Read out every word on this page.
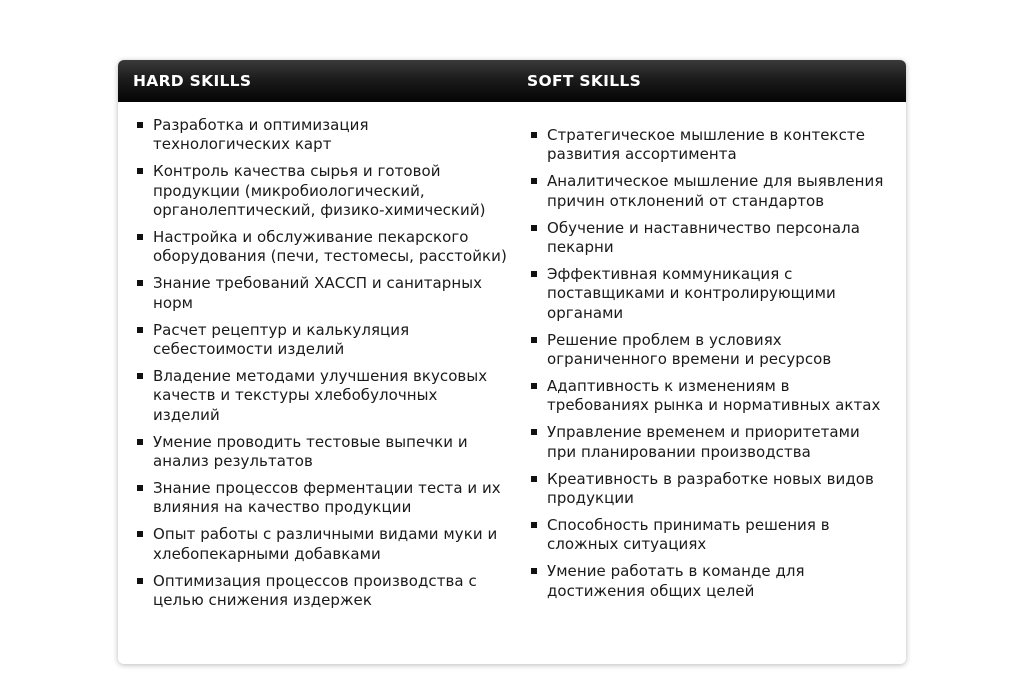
HARD SKILLS	SOFT SKILLS
Разработка и оптимизация технологических карт
Контроль качества сырья и готовой продукции (микробиологический, органолептический, физико-химический)
Настройка и обслуживание пекарского оборудования (печи, тестомесы, расстойки)
Знание требований ХАССП и санитарных норм
Расчет рецептур и калькуляция себестоимости изделий
Владение методами улучшения вкусовых качеств и текстуры хлебобулочных изделий
Умение проводить тестовые выпечки и анализ результатов
Знание процессов ферментации теста и их влияния на качество продукции
Опыт работы с различными видами муки и хлебопекарными добавками
Оптимизация процессов производства с целью снижения издержек
Стратегическое мышление в контексте развития ассортимента
Аналитическое мышление для выявления причин отклонений от стандартов
Обучение и наставничество персонала пекарни
Эффективная коммуникация с поставщиками и контролирующими органами
Решение проблем в условиях ограниченного времени и ресурсов
Адаптивность к изменениям в требованиях рынка и нормативных актах
Управление временем и приоритетами при планировании производства
Креативность в разработке новых видов продукции
Способность принимать решения в сложных ситуациях
Умение работать в команде для достижения общих целей
